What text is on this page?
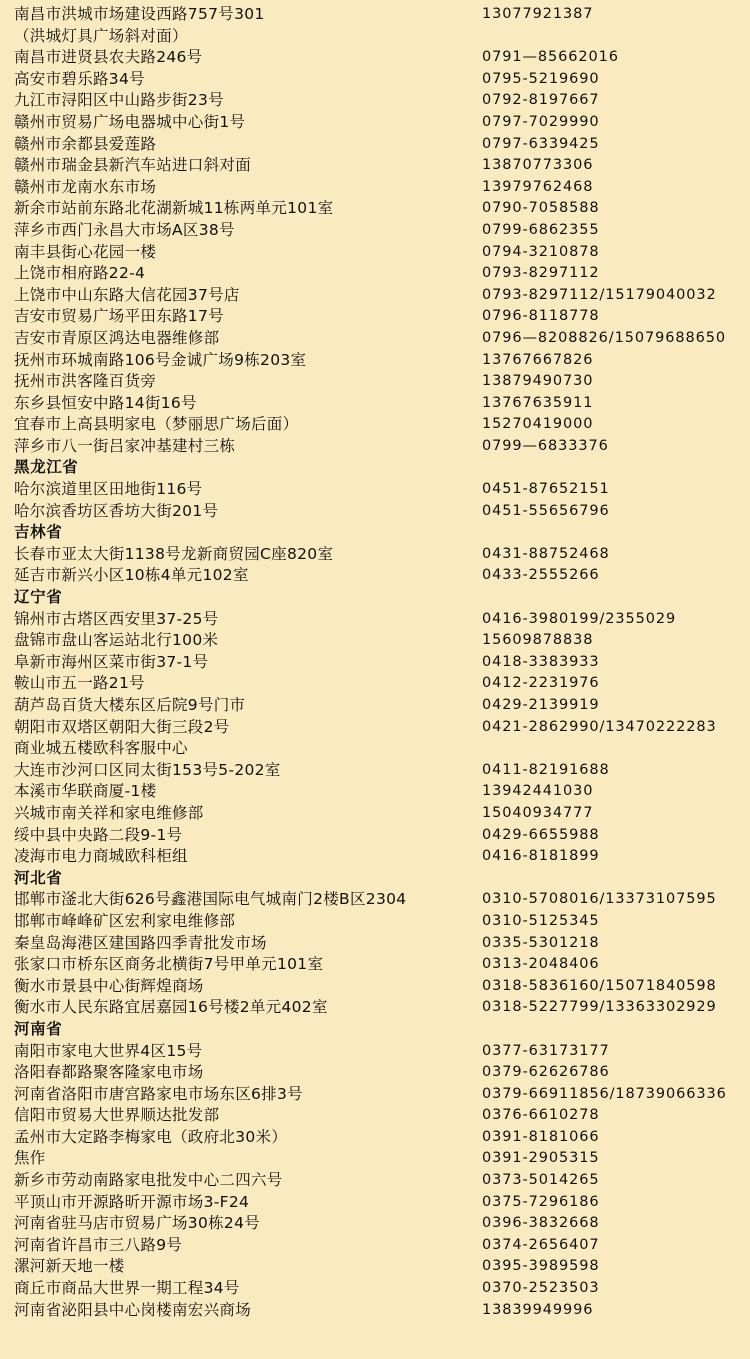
南昌市洪城市场建设西路757号301	13077921387
（洪城灯具广场斜对面）
南昌市进贤县农夫路246号	0791—85662016
高安市碧乐路34号	0795-5219690
九江市浔阳区中山路步街23号	0792-8197667
赣州市贸易广场电器城中心街1号	0797-7029990
赣州市余都县爱莲路	0797-6339425
赣州市瑞金县新汽车站进口斜对面	13870773306
赣州市龙南水东市场	13979762468
新余市站前东路北花湖新城11栋两单元101室	0790-7058588
萍乡市西门永昌大市场A区38号	0799-6862355
南丰县街心花园一楼	0794-3210878
上饶市相府路22-4	0793-8297112
上饶市中山东路大信花园37号店	0793-8297112/15179040032
吉安市贸易广场平田东路17号	0796-8118778
吉安市青原区鸿达电器维修部	0796—8208826/15079688650
抚州市环城南路106号金诚广场9栋203室	13767667826
抚州市洪客隆百货旁	13879490730
东乡县恒安中路14街16号	13767635911
宜春市上高县明家电（梦丽思广场后面）	15270419000
萍乡市八一街吕家冲基建村三栋	0799—6833376
黑龙江省
哈尔滨道里区田地街116号	0451-87652151
哈尔滨香坊区香坊大街201号	0451-55656796
吉林省
长春市亚太大街1138号龙新商贸园C座820室	0431-88752468
延吉市新兴小区10栋4单元102室	0433-2555266
辽宁省
锦州市古塔区西安里37-25号	0416-3980199/2355029
盘锦市盘山客运站北行100米	15609878838
阜新市海州区菜市街37-1号	0418-3383933
鞍山市五一路21号	0412-2231976
葫芦岛百货大楼东区后院9号门市	0429-2139919
朝阳市双塔区朝阳大街三段2号	0421-2862990/13470222283
商业城五楼欧科客服中心
大连市沙河口区同太街153号5-202室	0411-82191688
本溪市华联商厦-1楼	13942441030
兴城市南关祥和家电维修部	15040934777
绥中县中央路二段9-1号	0429-6655988
凌海市电力商城欧科柜组	0416-8181899
河北省
邯郸市滏北大街626号鑫港国际电气城南门2楼B区2304	0310-5708016/13373107595
邯郸市峰峰矿区宏利家电维修部	0310-5125345
秦皇岛海港区建国路四季青批发市场	0335-5301218
张家口市桥东区商务北横街7号甲单元101室	0313-2048406
衡水市景县中心街辉煌商场	0318-5836160/15071840598
衡水市人民东路宜居嘉园16号楼2单元402室	0318-5227799/13363302929
河南省
南阳市家电大世界4区15号	0377-63173177
洛阳春都路聚客隆家电市场	0379-62626786
河南省洛阳市唐宫路家电市场东区6排3号	0379-66911856/18739066336
信阳市贸易大世界顺达批发部	0376-6610278
孟州市大定路李梅家电（政府北30米）	0391-8181066
焦作	0391-2905315
新乡市劳动南路家电批发中心二四六号	0373-5014265
平顶山市开源路昕开源市场3-F24	0375-7296186
河南省驻马店市贸易广场30栋24号	0396-3832668
河南省许昌市三八路9号	0374-2656407
漯河新天地一楼	0395-3989598
商丘市商品大世界一期工程34号	0370-2523503
河南省泌阳县中心岗楼南宏兴商场	13839949996
